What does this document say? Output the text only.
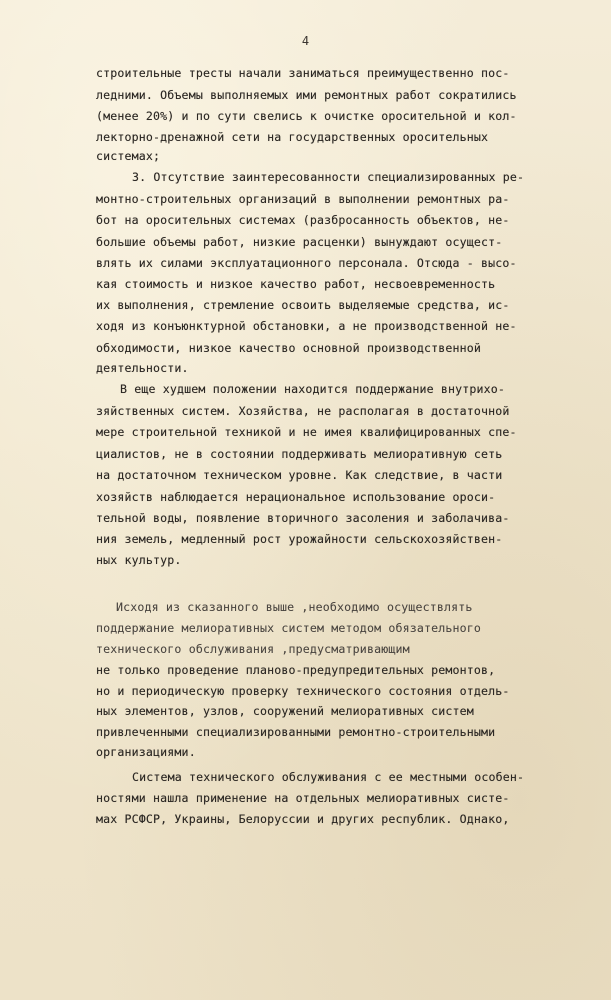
4
строительные тресты начали заниматься преимущественно пос-
ледними. Объемы выполняемых ими ремонтных работ сократились
(менее 20%) и по сути свелись к очистке оросительной и кол-
лекторно-дренажной сети на государственных оросительных
системах;
3. Отсутствие заинтересованности специализированных ре-
монтно-строительных организаций в выполнении ремонтных ра-
бот на оросительных системах (разбросанность объектов, не-
большие объемы работ, низкие расценки) вынуждают осущест-
влять их силами эксплуатационного персонала. Отсюда - высо-
кая стоимость и низкое качество работ, несвоевременность
их выполнения, стремление освоить выделяемые средства, ис-
ходя из конъюнктурной обстановки, а не производственной не-
обходимости, низкое качество основной производственной
деятельности.
В еще худшем положении находится поддержание внутрихо-
зяйственных систем. Хозяйства, не располагая в достаточной
мере строительной техникой и не имея квалифицированных спе-
циалистов, не в состоянии поддерживать мелиоративную сеть
на достаточном техническом уровне. Как следствие, в части
хозяйств наблюдается нерациональное использование ороси-
тельной воды, появление вторичного засоления и заболачива-
ния земель, медленный рост урожайности сельскохозяйствен-
ных культур.
Исходя из сказанного выше ,необходимо осуществлять
поддержание мелиоративных систем методом обязательного
технического обслуживания ,предусматривающим
не только проведение планово-предупредительных ремонтов,
но и периодическую проверку технического состояния отдель-
ных элементов, узлов, сооружений мелиоративных систем
привлеченными специализированными ремонтно-строительными
организациями.
Система технического обслуживания с ее местными особен-
ностями нашла применение на отдельных мелиоративных систе-
мах РСФСР, Украины, Белоруссии и других республик. Однако,
